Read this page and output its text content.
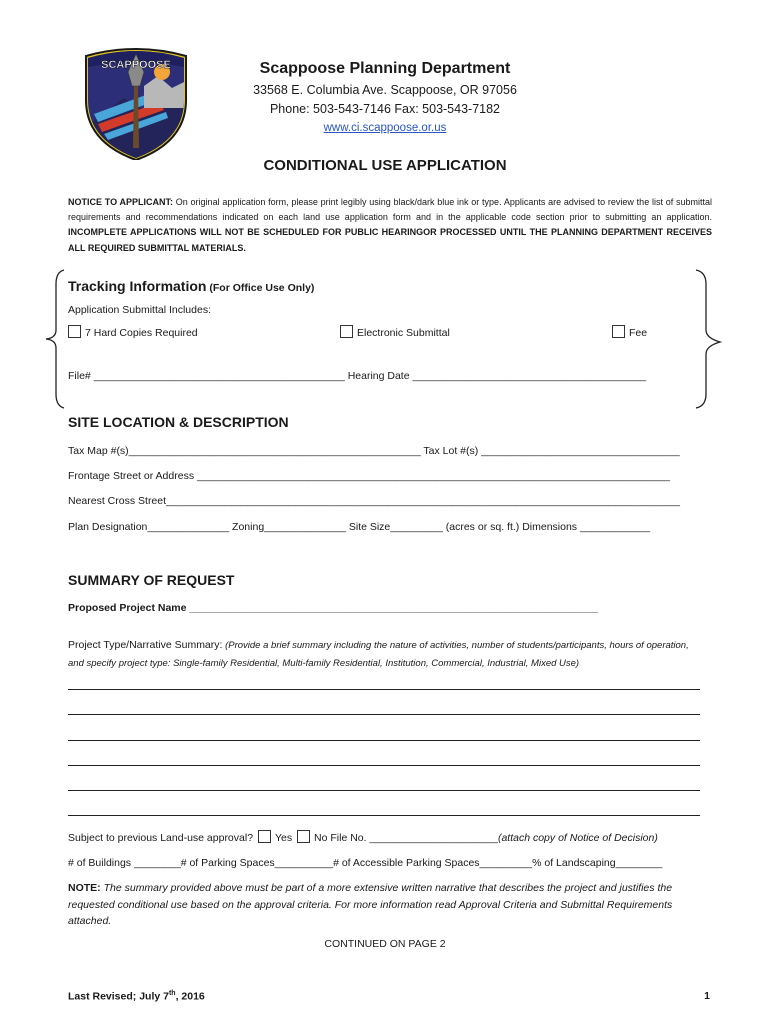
SCAPPOOSE	Scappoose Planning Department
33568 E. Columbia Ave. Scappoose, OR 97056
Phone: 503-543-7146 Fax: 503-543-7182
www.ci.scappoose.or.us
CONDITIONAL USE APPLICATION
NOTICE TO APPLICANT: On original application form, please print legibly using black/dark blue ink or type. Applicants are advised to review the list of submittal requirements and recommendations indicated on each land use application form and in the applicable code section prior to submitting an application. INCOMPLETE APPLICATIONS WILL NOT BE SCHEDULED FOR PUBLIC HEARINGOR PROCESSED UNTIL THE PLANNING DEPARTMENT RECEIVES ALL REQUIRED SUBMITTAL MATERIALS.
Tracking Information (For Office Use Only)
Application Submittal Includes:
7 Hard Copies Required	Electronic Submittal	Fee
File# ___________________________________________ Hearing Date ________________________________________
SITE LOCATION & DESCRIPTION
Tax Map #(s)__________________________________________________ Tax Lot #(s) __________________________________
Frontage Street or Address _________________________________________________________________________________
Nearest Cross Street________________________________________________________________________________________
Plan Designation______________ Zoning______________ Site Size_________ (acres or sq. ft.) Dimensions ____________
SUMMARY OF REQUEST
Proposed Project Name ______________________________________________________________________
Project Type/Narrative Summary: (Provide a brief summary including the nature of activities, number of students/participants, hours of operation, and specify project type: Single-family Residential, Multi-family Residential, Institution, Commercial, Industrial, Mixed Use)
Subject to previous Land-use approval? Yes No File No. ______________________(attach copy of Notice of Decision)
# of Buildings ________# of Parking Spaces__________# of Accessible Parking Spaces_________% of Landscaping________
NOTE: The summary provided above must be part of a more extensive written narrative that describes the project and justifies the requested conditional use based on the approval criteria. For more information read Approval Criteria and Submittal Requirements attached.
CONTINUED ON PAGE 2
Last Revised; July 7th, 2016	1
